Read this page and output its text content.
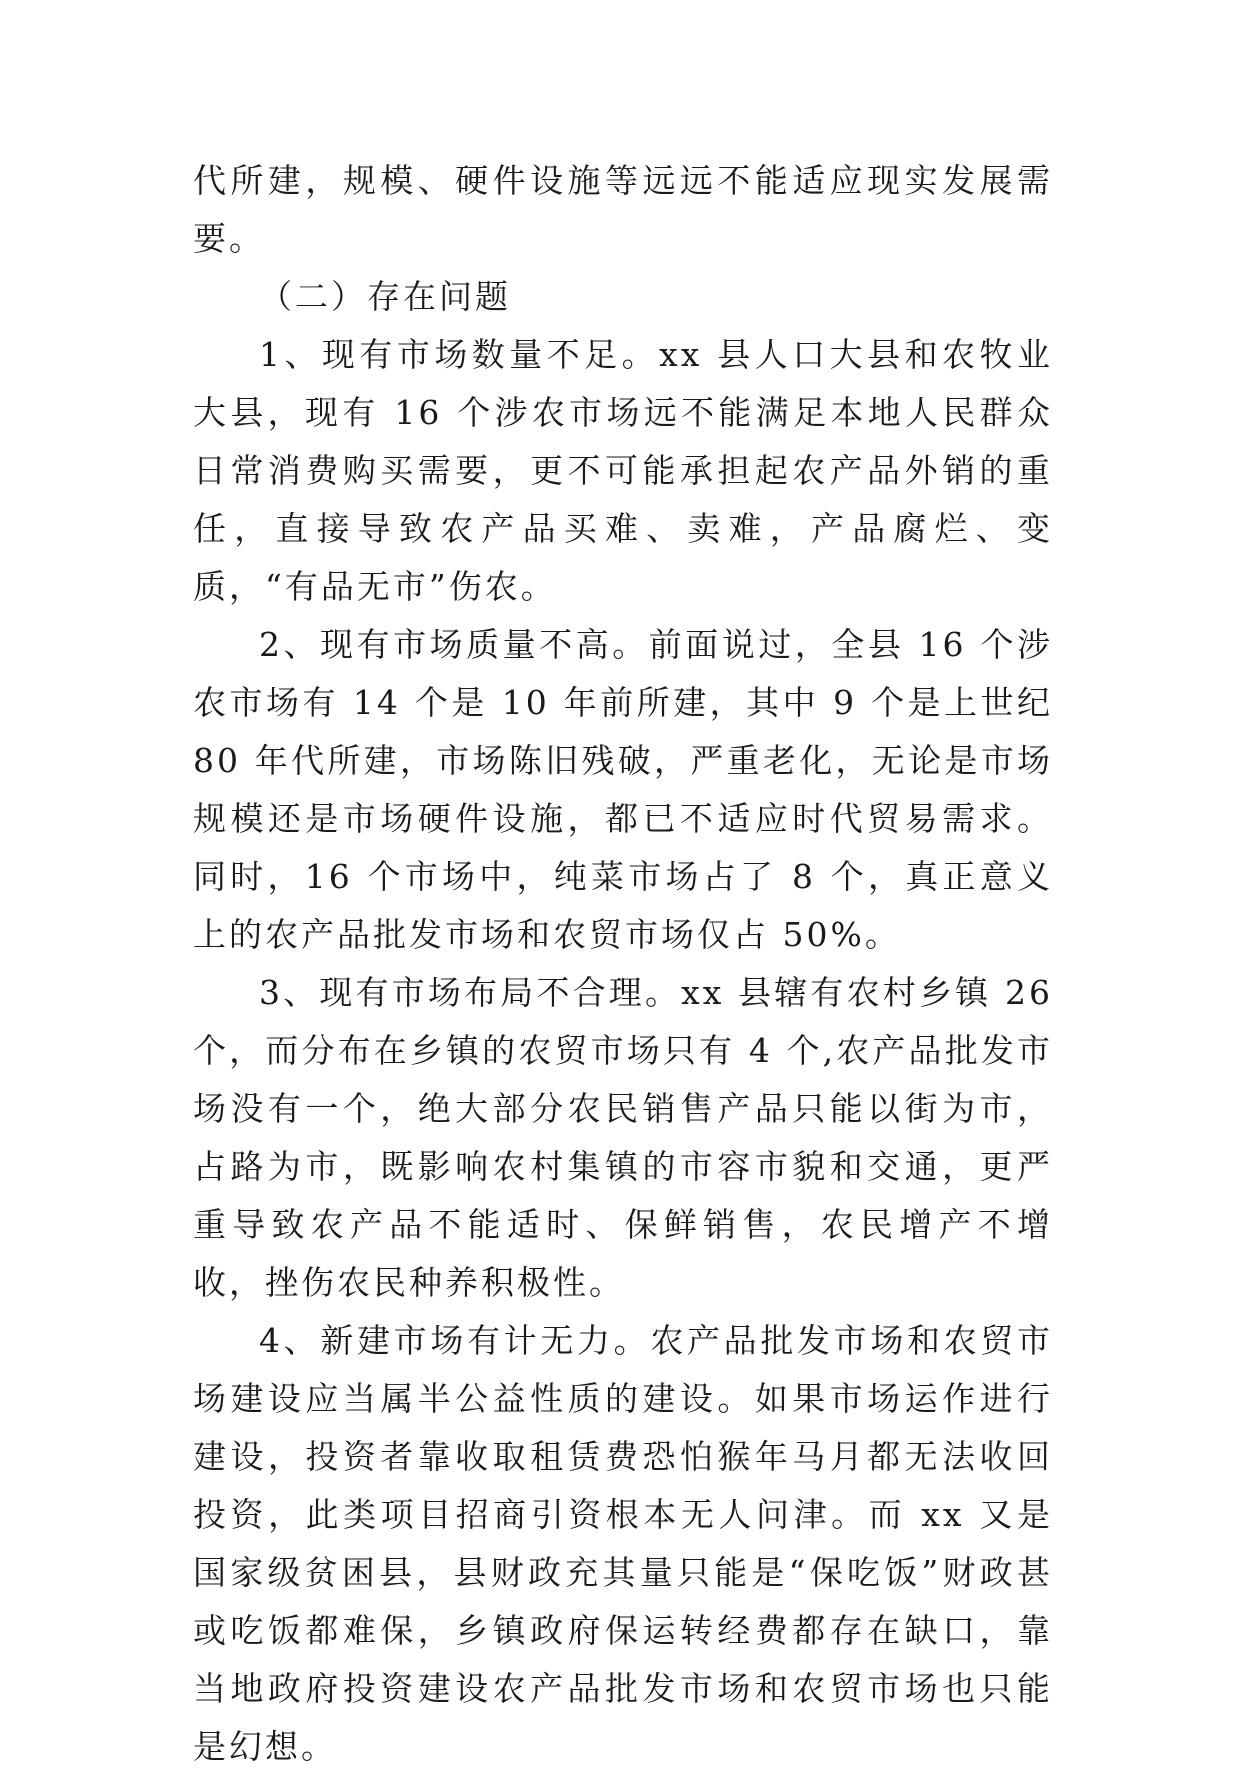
代所建，规模、硬件设施等远远不能适应现实发展需要。

（二）存在问题

1、现有市场数量不足。xx 县人口大县和农牧业大县，现有 16 个涉农市场远不能满足本地人民群众日常消费购买需要，更不可能承担起农产品外销的重任，直接导致农产品买难、卖难，产品腐烂、变质，“有品无市”伤农。

2、现有市场质量不高。前面说过，全县 16 个涉农市场有 14 个是 10 年前所建，其中 9 个是上世纪 80 年代所建，市场陈旧残破，严重老化，无论是市场规模还是市场硬件设施，都已不适应时代贸易需求。同时，16 个市场中，纯菜市场占了 8 个，真正意义上的农产品批发市场和农贸市场仅占 50%。

3、现有市场布局不合理。xx 县辖有农村乡镇 26 个，而分布在乡镇的农贸市场只有 4 个,农产品批发市场没有一个，绝大部分农民销售产品只能以街为市，占路为市，既影响农村集镇的市容市貌和交通，更严重导致农产品不能适时、保鲜销售，农民增产不增收，挫伤农民种养积极性。

4、新建市场有计无力。农产品批发市场和农贸市场建设应当属半公益性质的建设。如果市场运作进行建设，投资者靠收取租赁费恐怕猴年马月都无法收回投资，此类项目招商引资根本无人问津。而 xx 又是国家级贫困县，县财政充其量只能是“保吃饭”财政甚或吃饭都难保，乡镇政府保运转经费都存在缺口，靠当地政府投资建设农产品批发市场和农贸市场也只能是幻想。
